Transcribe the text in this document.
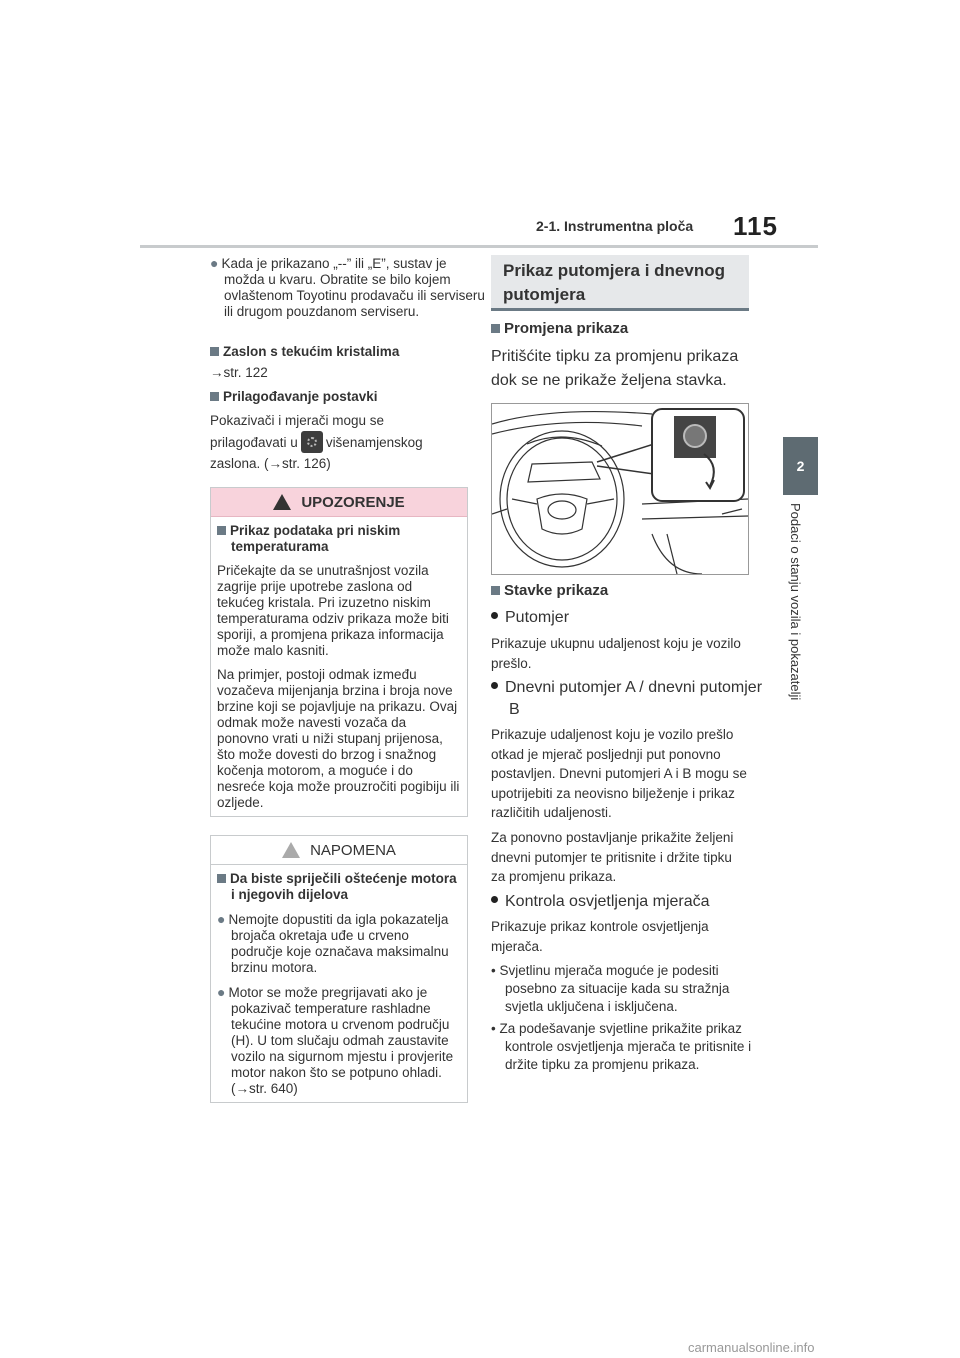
2-1. Instrumentna ploča 115
2
Podaci o stanju vozila i pokazatelji
● Kada je prikazano „--” ili „E”, sustav je možda u kvaru. Obratite se bilo kojem ovlaštenom Toyotinu prodavaču ili serviseru ili drugom pouzdanom serviseru.
Zaslon s tekućim kristalima
→str. 122
Prilagođavanje postavki
Pokazivači i mjerači mogu se
prilagođavati u višenamjenskog
zaslona. (→str. 126)
UPOZORENJE

Prikaz podataka pri niskim temperaturama

Pričekajte da se unutrašnjost vozila zagrije prije upotrebe zaslona od tekućeg kristala. Pri izuzetno niskim temperaturama odziv prikaza može biti sporiji, a promjena prikaza informacija može malo kasniti.

Na primjer, postoji odmak između vozačeva mijenjanja brzina i broja nove brzine koji se pojavljuje na prikazu. Ovaj odmak može navesti vozača da ponovno vrati u niži stupanj prijenosa, što može dovesti do brzog i snažnog kočenja motorom, a moguće i do nesreće koja može prouzročiti pogibiju ili ozljede.

NAPOMENA

Da biste spriječili oštećenje motora i njegovih dijelova

● Nemojte dopustiti da igla pokazatelja brojača okretaja uđe u crveno područje koje označava maksimalnu brzinu motora.

● Motor se može pregrijavati ako je pokazivač temperature rashladne tekućine motora u crvenom području (H). U tom slučaju odmah zaustavite vozilo na sigurnom mjestu i provjerite motor nakon što se potpuno ohladi. (→str. 640)

Prikaz putomjera i dnevnog putomjera
Promjena prikaza
Pritišćite tipku za promjenu prikaza dok se ne prikaže željena stavka.
Stavke prikaza
Putomjer
Prikazuje ukupnu udaljenost koju je vozilo prešlo.
Dnevni putomjer A / dnevni putomjer B
Prikazuje udaljenost koju je vozilo prešlo otkad je mjerač posljednji put ponovno postavljen. Dnevni putomjeri A i B mogu se upotrijebiti za neovisno bilježenje i prikaz različitih udaljenosti.
Za ponovno postavljanje prikažite željeni dnevni putomjer te pritisnite i držite tipku za promjenu prikaza.
Kontrola osvjetljenja mjerača
Prikazuje prikaz kontrole osvjetljenja mjerača.
• Svjetlinu mjerača moguće je podesiti posebno za situacije kada su stražnja svjetla uključena i isključena.
• Za podešavanje svjetline prikažite prikaz kontrole osvjetljenja mjerača te pritisnite i držite tipku za promjenu prikaza.
carmanualsonline.info
